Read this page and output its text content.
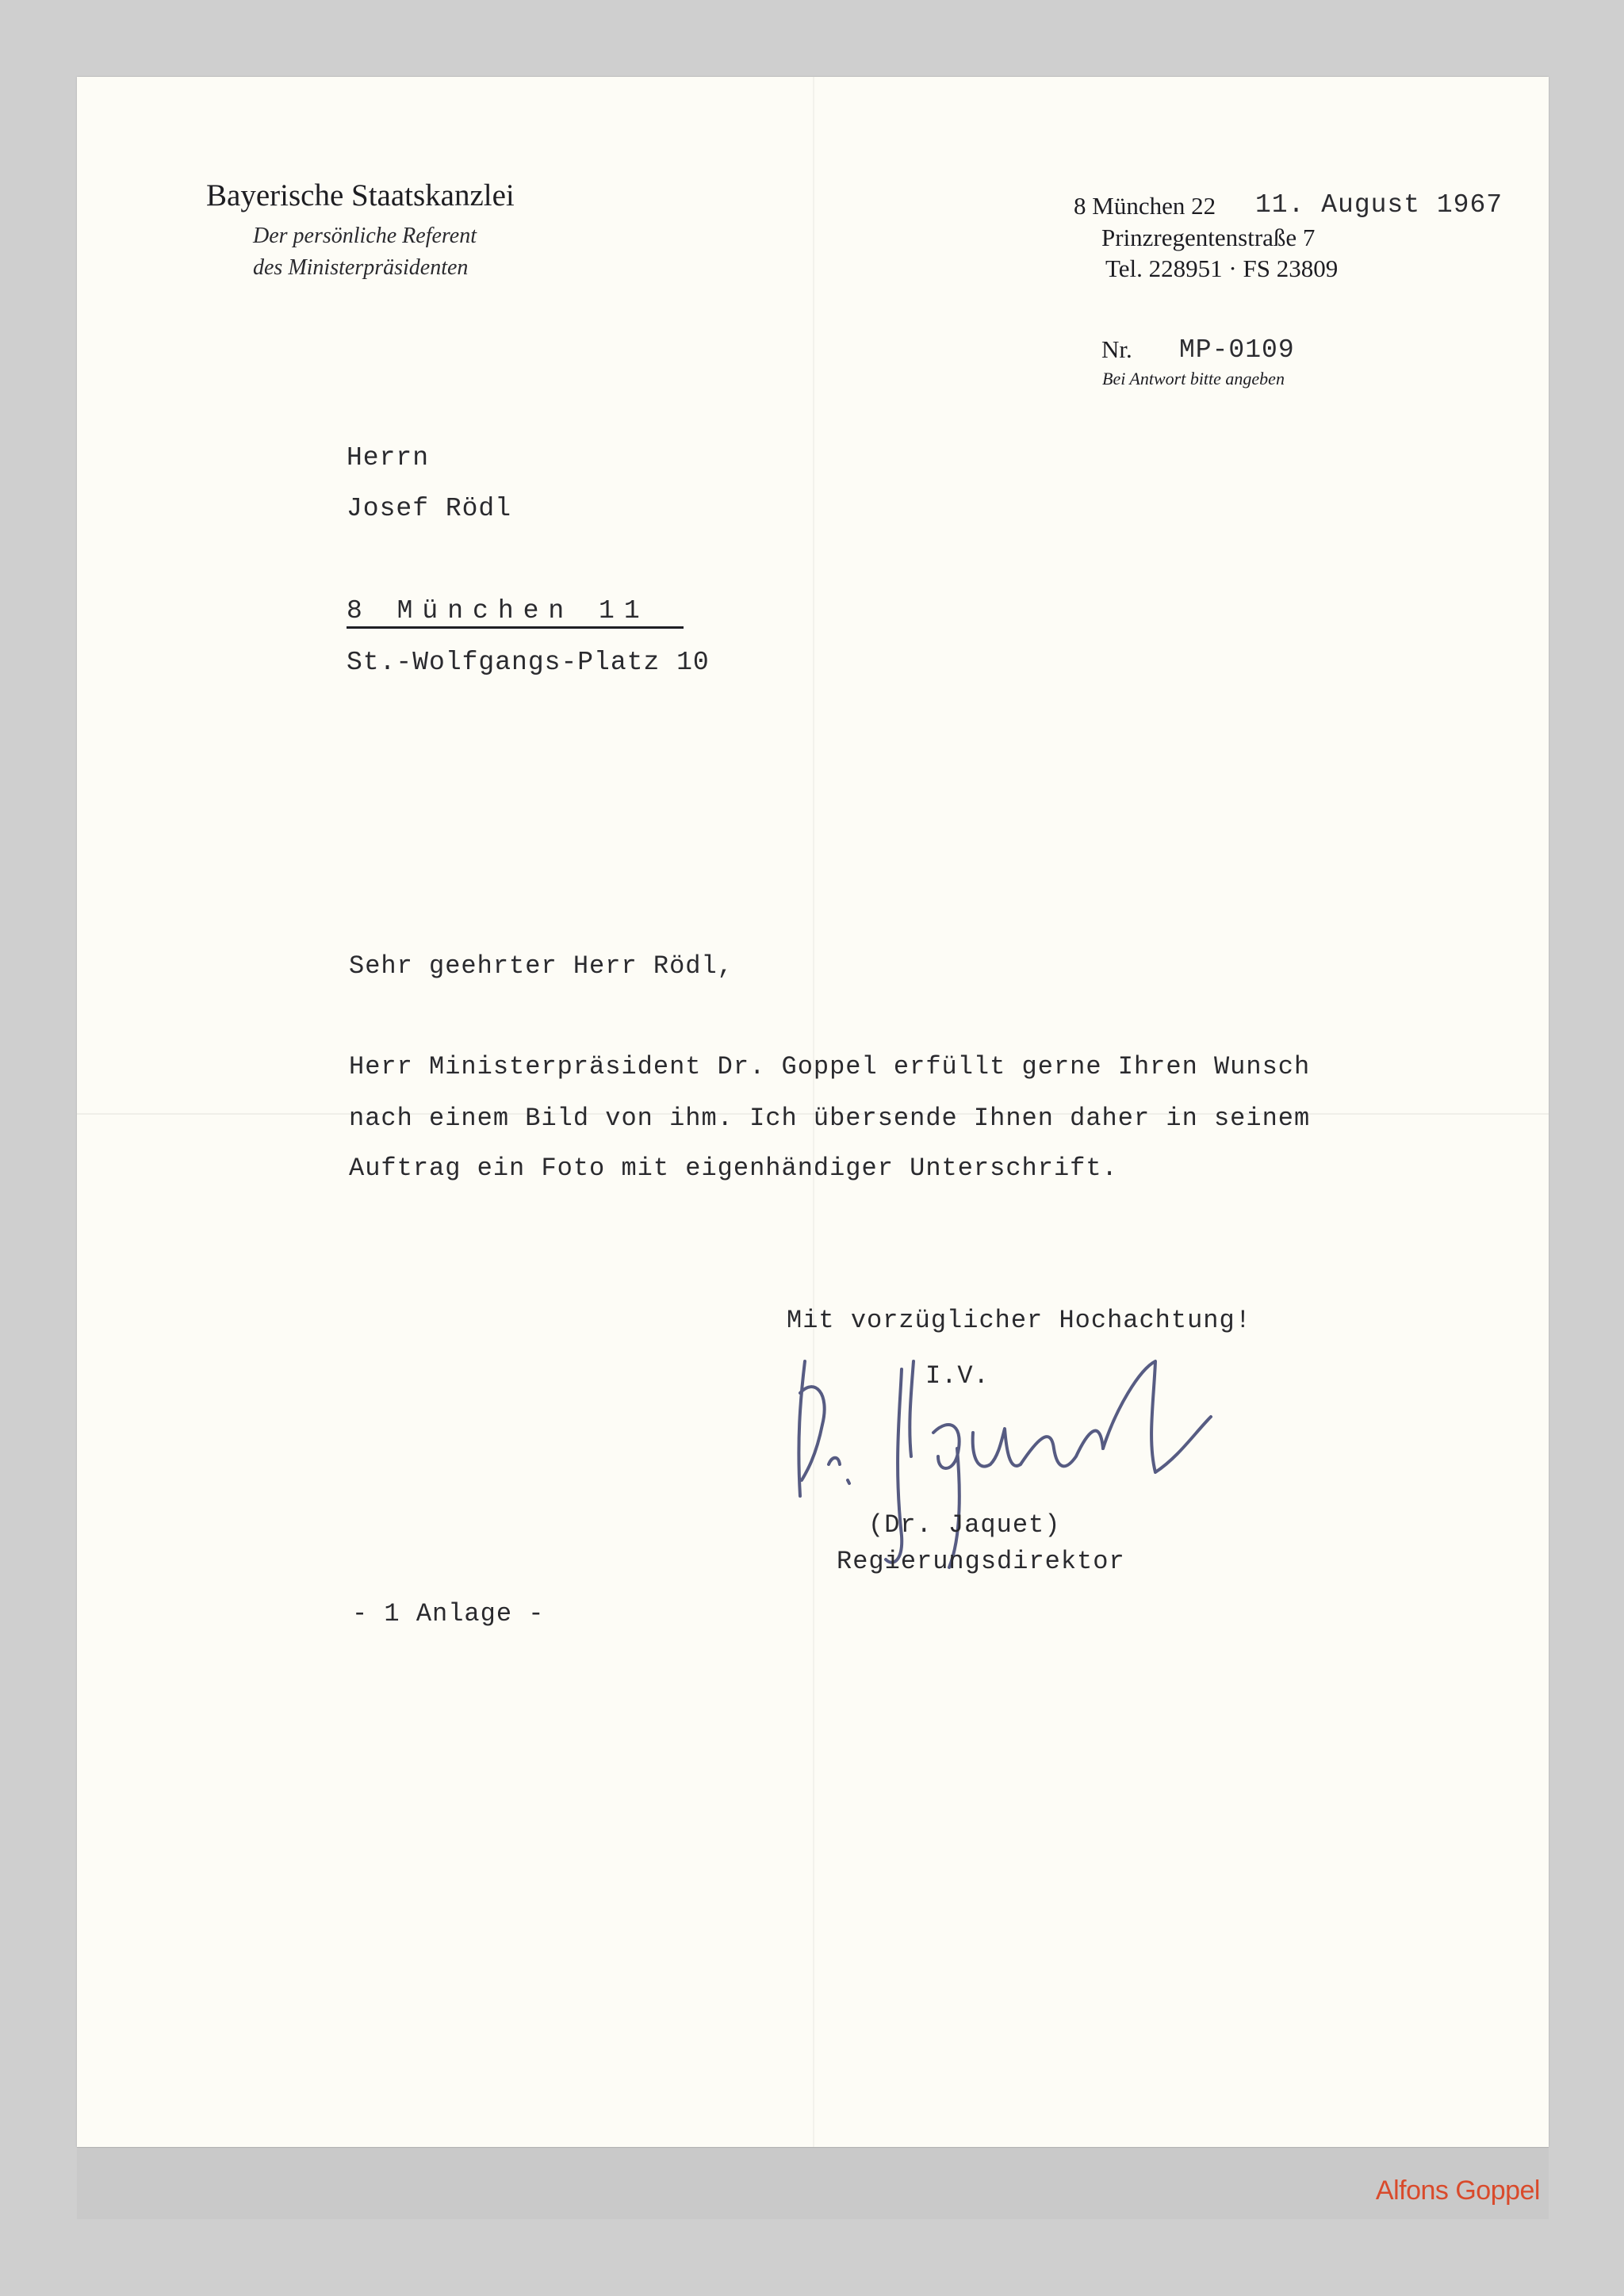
Bayerische Staatskanzlei
Der persönliche Referent
des Ministerpräsidenten
8 München 22 11. August 1967
Prinzregentenstraße 7
Tel. 228951 · FS 23809
Nr. MP-0109
Bei Antwort bitte angeben
Herrn
Josef Rödl
8 München 11
St.-Wolfgangs-Platz 10
Sehr geehrter Herr Rödl,
Herr Ministerpräsident Dr. Goppel erfüllt gerne Ihren Wunsch
nach einem Bild von ihm. Ich übersende Ihnen daher in seinem
Auftrag ein Foto mit eigenhändiger Unterschrift.
Mit vorzüglicher Hochachtung!
I.V.
(Dr. Jaquet)
Regierungsdirektor
- 1 Anlage -
Alfons Goppel
